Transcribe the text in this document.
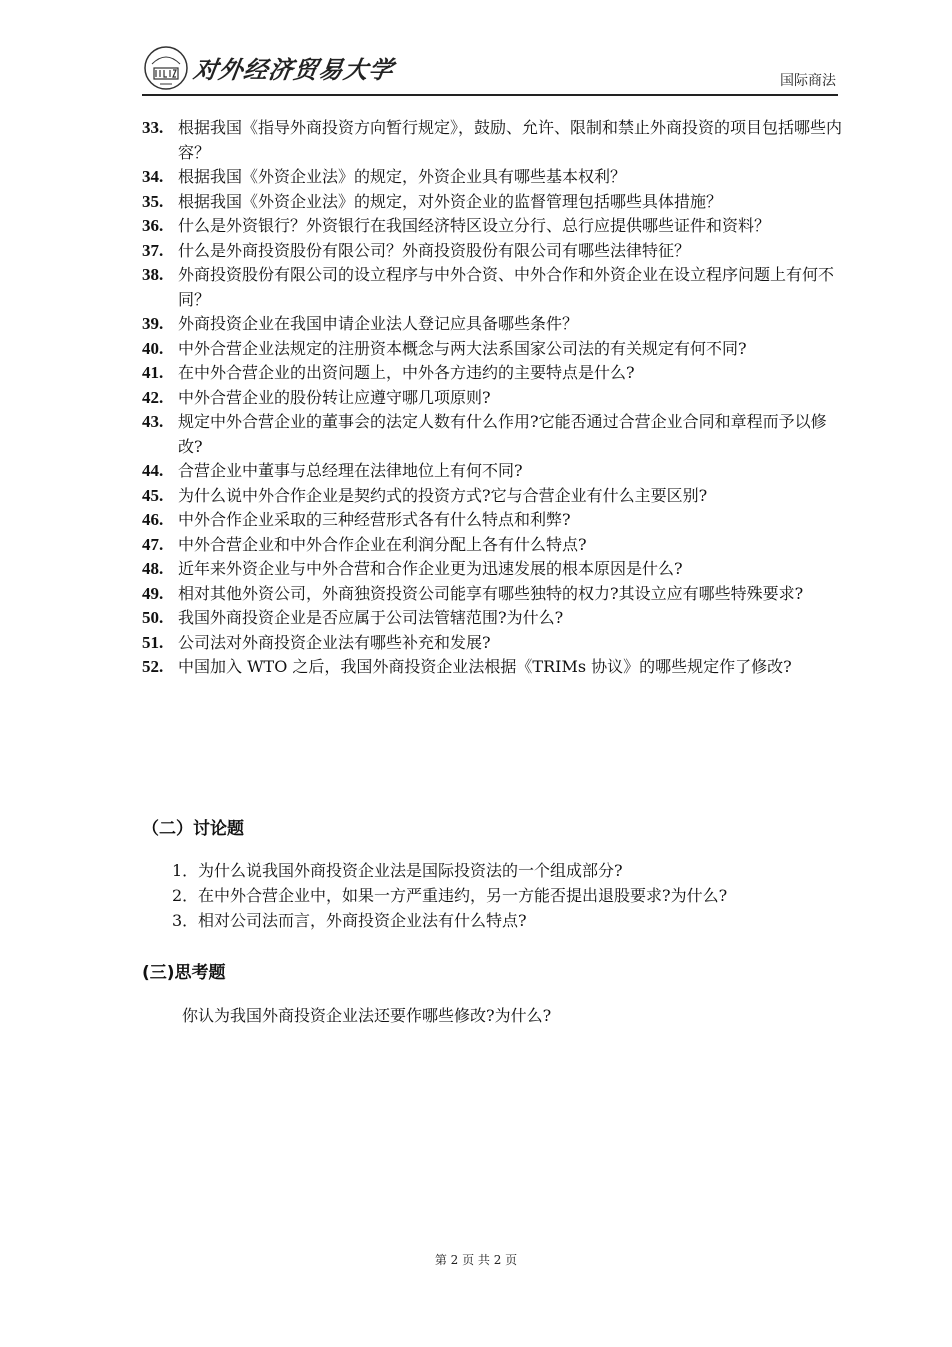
对外经济贸易大学	国际商法
33. 根据我国《指导外商投资方向暂行规定》，鼓励、允许、限制和禁止外商投资的项目包括哪些内容？
34. 根据我国《外资企业法》的规定，外资企业具有哪些基本权利？
35. 根据我国《外资企业法》的规定，对外资企业的监督管理包括哪些具体措施？
36. 什么是外资银行？外资银行在我国经济特区设立分行、总行应提供哪些证件和资料？
37. 什么是外商投资股份有限公司？外商投资股份有限公司有哪些法律特征？
38. 外商投资股份有限公司的设立程序与中外合资、中外合作和外资企业在设立程序问题上有何不同？
39. 外商投资企业在我国申请企业法人登记应具备哪些条件？
40. 中外合营企业法规定的注册资本概念与两大法系国家公司法的有关规定有何不同?
41. 在中外合营企业的出资问题上，中外各方违约的主要特点是什么?
42. 中外合营企业的股份转让应遵守哪几项原则?
43. 规定中外合营企业的董事会的法定人数有什么作用?它能否通过合营企业合同和章程而予以修改?
44. 合营企业中董事与总经理在法律地位上有何不同?
45. 为什么说中外合作企业是契约式的投资方式?它与合营企业有什么主要区别?
46. 中外合作企业采取的三种经营形式各有什么特点和利弊?
47. 中外合营企业和中外合作企业在利润分配上各有什么特点?
48. 近年来外资企业与中外合营和合作企业更为迅速发展的根本原因是什么?
49. 相对其他外资公司，外商独资投资公司能享有哪些独特的权力?其设立应有哪些特殊要求?
50. 我国外商投资企业是否应属于公司法管辖范围?为什么?
51. 公司法对外商投资企业法有哪些补充和发展?
52. 中国加入 WTO 之后，我国外商投资企业法根据《TRIMs 协议》的哪些规定作了修改?
（二）讨论题
1．为什么说我国外商投资企业法是国际投资法的一个组成部分?
2．在中外合营企业中，如果一方严重违约，另一方能否提出退股要求?为什么?
3．相对公司法而言，外商投资企业法有什么特点?
(三)思考题
你认为我国外商投资企业法还要作哪些修改?为什么?
第 2 页 共 2 页
